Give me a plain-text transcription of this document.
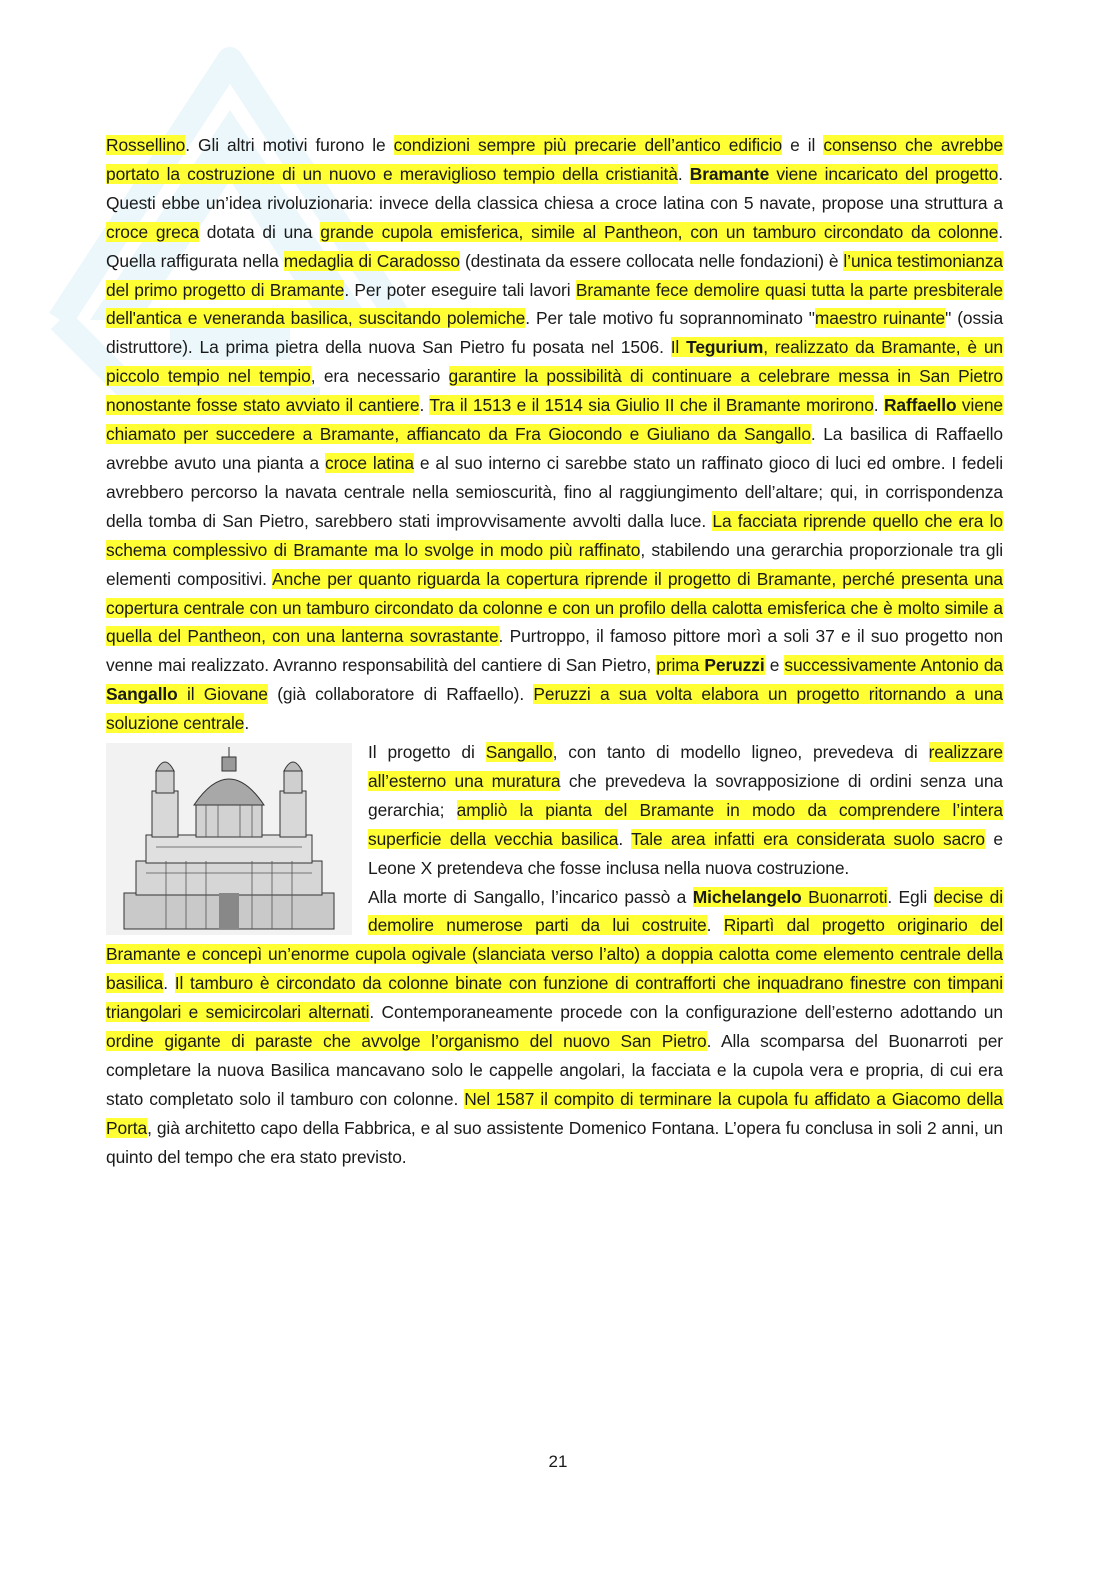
Rossellino. Gli altri motivi furono le condizioni sempre più precarie dell’antico edificio e il consenso che avrebbe portato la costruzione di un nuovo e meraviglioso tempio della cristianità. Bramante viene incaricato del progetto. Questi ebbe un’idea rivoluzionaria: invece della classica chiesa a croce latina con 5 navate, propose una struttura a croce greca dotata di una grande cupola emisferica, simile al Pantheon, con un tamburo circondato da colonne. Quella raffigurata nella medaglia di Caradosso (destinata da essere collocata nelle fondazioni) è l’unica testimonianza del primo progetto di Bramante. Per poter eseguire tali lavori Bramante fece demolire quasi tutta la parte presbiterale dell'antica e veneranda basilica, suscitando polemiche. Per tale motivo fu soprannominato "maestro ruinante" (ossia distruttore). La prima pietra della nuova San Pietro fu posata nel 1506. Il Tegurium, realizzato da Bramante, è un piccolo tempio nel tempio, era necessario garantire la possibilità di continuare a celebrare messa in San Pietro nonostante fosse stato avviato il cantiere. Tra il 1513 e il 1514 sia Giulio II che il Bramante morirono. Raffaello viene chiamato per succedere a Bramante, affiancato da Fra Giocondo e Giuliano da Sangallo. La basilica di Raffaello avrebbe avuto una pianta a croce latina e al suo interno ci sarebbe stato un raffinato gioco di luci ed ombre. I fedeli avrebbero percorso la navata centrale nella semioscurità, fino al raggiungimento dell’altare; qui, in corrispondenza della tomba di San Pietro, sarebbero stati improvvisamente avvolti dalla luce. La facciata riprende quello che era lo schema complessivo di Bramante ma lo svolge in modo più raffinato, stabilendo una gerarchia proporzionale tra gli elementi compositivi. Anche per quanto riguarda la copertura riprende il progetto di Bramante, perché presenta una copertura centrale con un tamburo circondato da colonne e con un profilo della calotta emisferica che è molto simile a quella del Pantheon, con una lanterna sovrastante. Purtroppo, il famoso pittore morì a soli 37 e il suo progetto non venne mai realizzato. Avranno responsabilità del cantiere di San Pietro, prima Peruzzi e successivamente Antonio da Sangallo il Giovane (già collaboratore di Raffaello). Peruzzi a sua volta elabora un progetto ritornando a una soluzione centrale.

Il progetto di Sangallo, con tanto di modello ligneo, prevedeva di realizzare all’esterno una muratura che prevedeva la sovrapposizione di ordini senza una gerarchia; ampliò la pianta del Bramante in modo da comprendere l’intera superficie della vecchia basilica. Tale area infatti era considerata suolo sacro e Leone X pretendeva che fosse inclusa nella nuova costruzione.

Alla morte di Sangallo, l’incarico passò a Michelangelo Buonarroti. Egli decise di demolire numerose parti da lui costruite. Ripartì dal progetto originario del Bramante e concepì un’enorme cupola ogivale (slanciata verso l’alto) a doppia calotta come elemento centrale della basilica. Il tamburo è circondato da colonne binate con funzione di contrafforti che inquadrano finestre con timpani triangolari e semicircolari alternati. Contemporaneamente procede con la configurazione dell’esterno adottando un ordine gigante di paraste che avvolge l’organismo del nuovo San Pietro. Alla scomparsa del Buonarroti per completare la nuova Basilica mancavano solo le cappelle angolari, la facciata e la cupola vera e propria, di cui era stato completato solo il tamburo con colonne. Nel 1587 il compito di terminare la cupola fu affidato a Giacomo della Porta, già architetto capo della Fabbrica, e al suo assistente Domenico Fontana. L’opera fu conclusa in soli 2 anni, un quinto del tempo che era stato previsto.

21
